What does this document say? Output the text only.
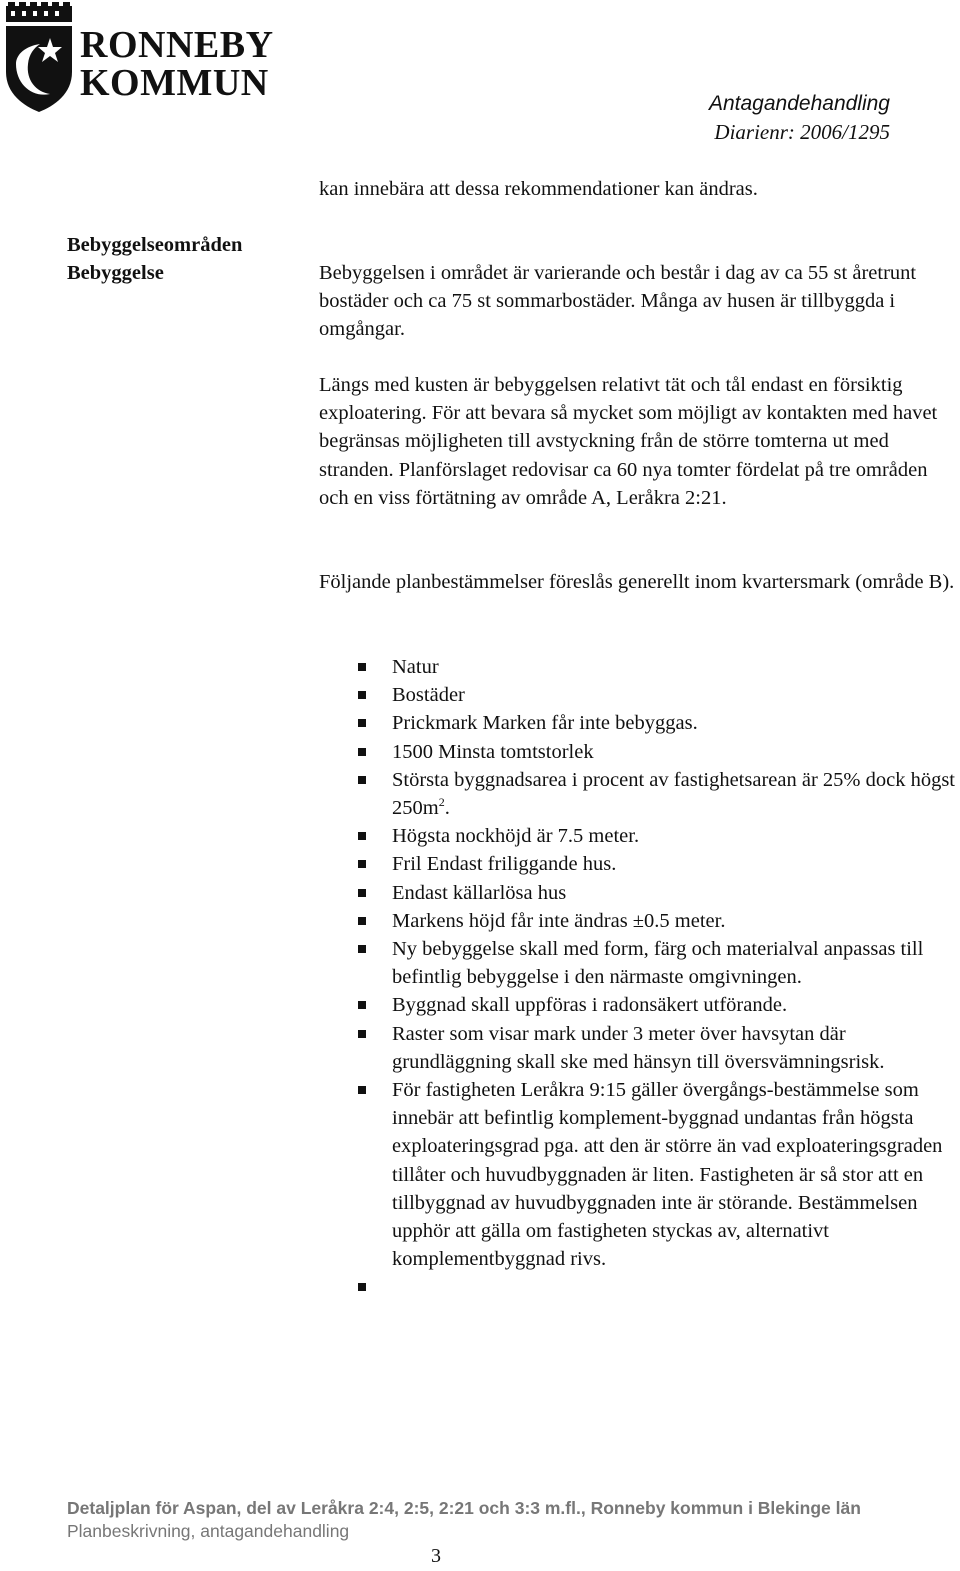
RONNEBY
KOMMUN	Antagandehandling
Diarienr: 2006/1295
kan innebära att dessa rekommendationer kan ändras.
Bebyggelseområden
Bebyggelse	Bebyggelsen i området är varierande och består i dag av ca 55 st åretrunt bostäder och ca 75 st sommarbostäder. Många av husen är tillbyggda i omgångar.
Längs med kusten är bebyggelsen relativt tät och tål endast en försiktig exploatering. För att bevara så mycket som möjligt av kontakten med havet begränsas möjligheten till avstyckning från de större tomterna ut med stranden. Planförslaget redovisar ca 60 nya tomter fördelat på tre områden och en viss förtätning av område A, Leråkra 2:21.
Följande planbestämmelser föreslås generellt inom kvartersmark (område B).
Natur
Bostäder
Prickmark Marken får inte bebyggas.
1500 Minsta tomtstorlek
Största byggnadsarea i procent av fastighetsarean är 25% dock högst $250m^2$.
Högsta nockhöjd är 7.5 meter.
Fril Endast friliggande hus.
Endast källarlösa hus
Markens höjd får inte ändras ±0.5 meter.
Ny bebyggelse skall med form, färg och materialval anpassas till befintlig bebyggelse i den närmaste omgivningen.
Byggnad skall uppföras i radonsäkert utförande.
Raster som visar mark under 3 meter över havsytan där grundläggning skall ske med hänsyn till översvämningsrisk.
För fastigheten Leråkra 9:15 gäller övergångs-bestämmelse som innebär att befintlig komplement-byggnad undantas från högsta exploateringsgrad pga. att den är större än vad exploateringsgraden tillåter och huvudbyggnaden är liten. Fastigheten är så stor att en tillbyggnad av huvudbyggnaden inte är störande. Bestämmelsen upphör att gälla om fastigheten styckas av, alternativt komplementbyggnad rivs.
Detaljplan för Aspan, del av Leråkra 2:4, 2:5, 2:21 och 3:3 m.fl., Ronneby kommun i Blekinge län
Planbeskrivning, antagandehandling
3
